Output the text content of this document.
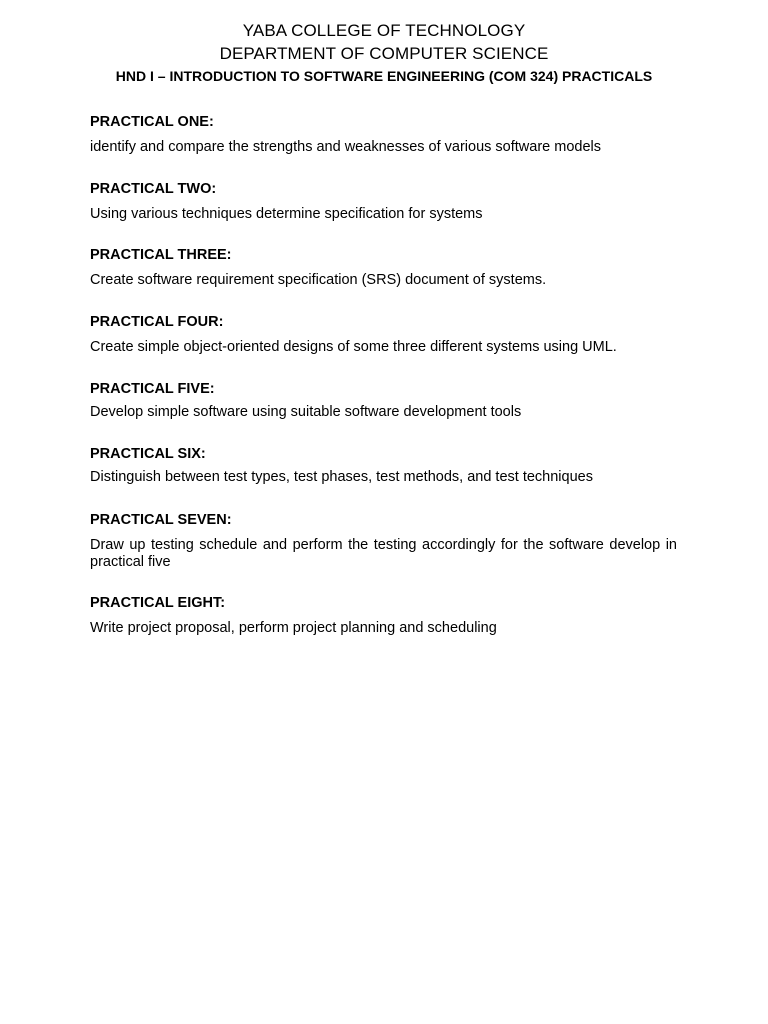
YABA COLLEGE OF TECHNOLOGY
DEPARTMENT OF COMPUTER SCIENCE
HND I – INTRODUCTION TO SOFTWARE ENGINEERING (COM 324) PRACTICALS
PRACTICAL ONE:
identify and compare the strengths and weaknesses of various software models
PRACTICAL TWO:
Using various techniques determine specification for systems
PRACTICAL THREE:
Create software requirement specification (SRS) document of systems.
PRACTICAL FOUR:
Create simple object-oriented designs of some three different systems using UML.
PRACTICAL FIVE:
Develop simple software using suitable software development tools
PRACTICAL SIX:
Distinguish between test types, test phases, test methods, and test techniques
PRACTICAL SEVEN:
Draw up testing schedule and perform the testing accordingly for the software develop in practical five
PRACTICAL EIGHT:
Write project proposal, perform project planning and scheduling
